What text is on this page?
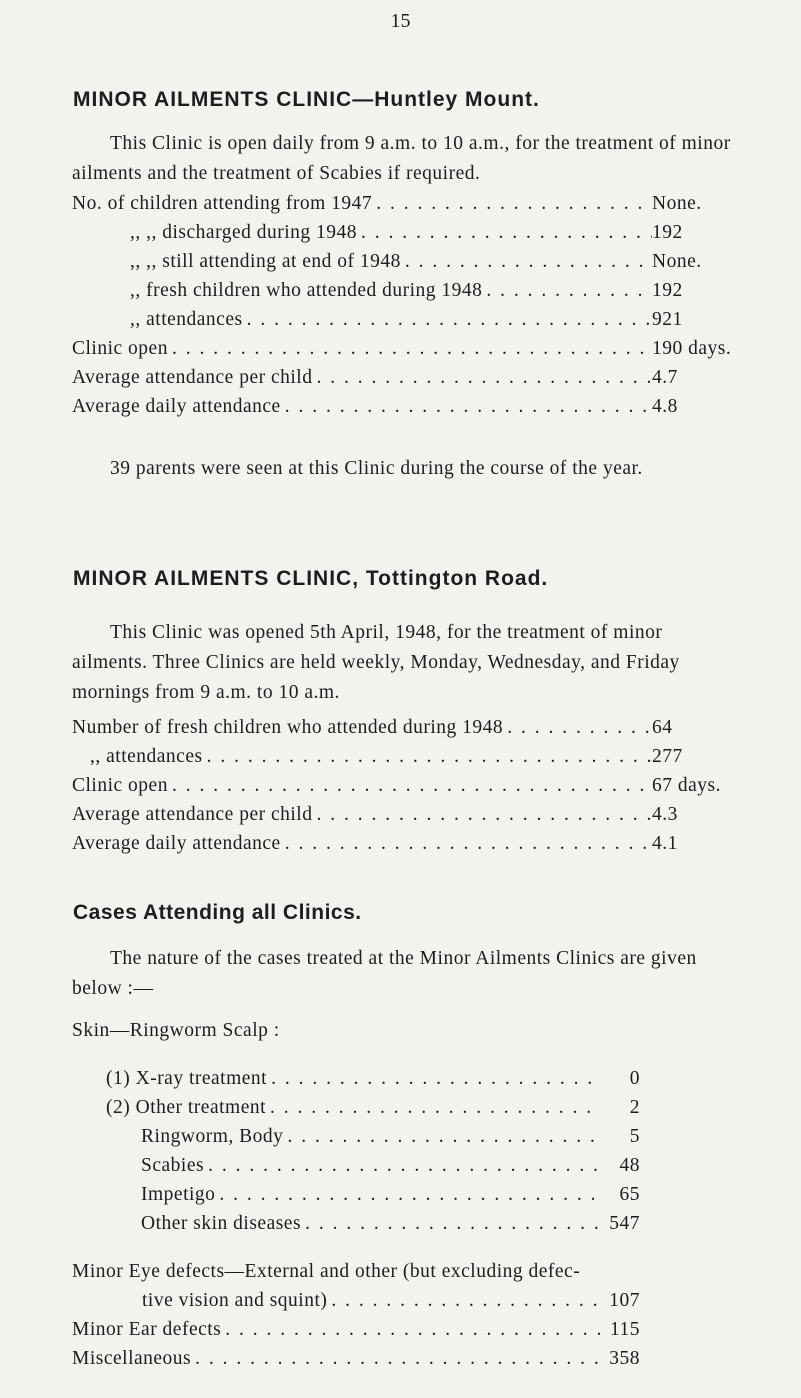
15
MINOR AILMENTS CLINIC—Huntley Mount.
This Clinic is open daily from 9 a.m. to 10 a.m., for the treatment of minor ailments and the treatment of Scabies if required.
No. of children attending from 1947 . . .	None.
,, ,, discharged during 1948 . . .	192
,, ,, still attending at end of 1948 . . .	None.
,, fresh children who attended during 1948 . . .	192
,, attendances . . .	921
Clinic open . . .	190 days.
Average attendance per child . . .	4.7
Average daily attendance . . .	4.8
39 parents were seen at this Clinic during the course of the year.
MINOR AILMENTS CLINIC, Tottington Road.
This Clinic was opened 5th April, 1948, for the treatment of minor ailments. Three Clinics are held weekly, Monday, Wednesday, and Friday mornings from 9 a.m. to 10 a.m.
Number of fresh children who attended during 1948 . . .	64
,, attendances . . .	277
Clinic open . . .	67 days.
Average attendance per child . . .	4.3
Average daily attendance . . .	4.1
Cases Attending all Clinics.
The nature of the cases treated at the Minor Ailments Clinics are given below :—
Skin—Ringworm Scalp :
(1) X-ray treatment . . .	0
(2) Other treatment . . .	2
Ringworm, Body . . .	5
Scabies . . .	48
Impetigo . . .	65
Other skin diseases . . .	547
Minor Eye defects—External and other (but excluding defec-
tive vision and squint) . . .	107
Minor Ear defects . . .	115
Miscellaneous . . .	358
